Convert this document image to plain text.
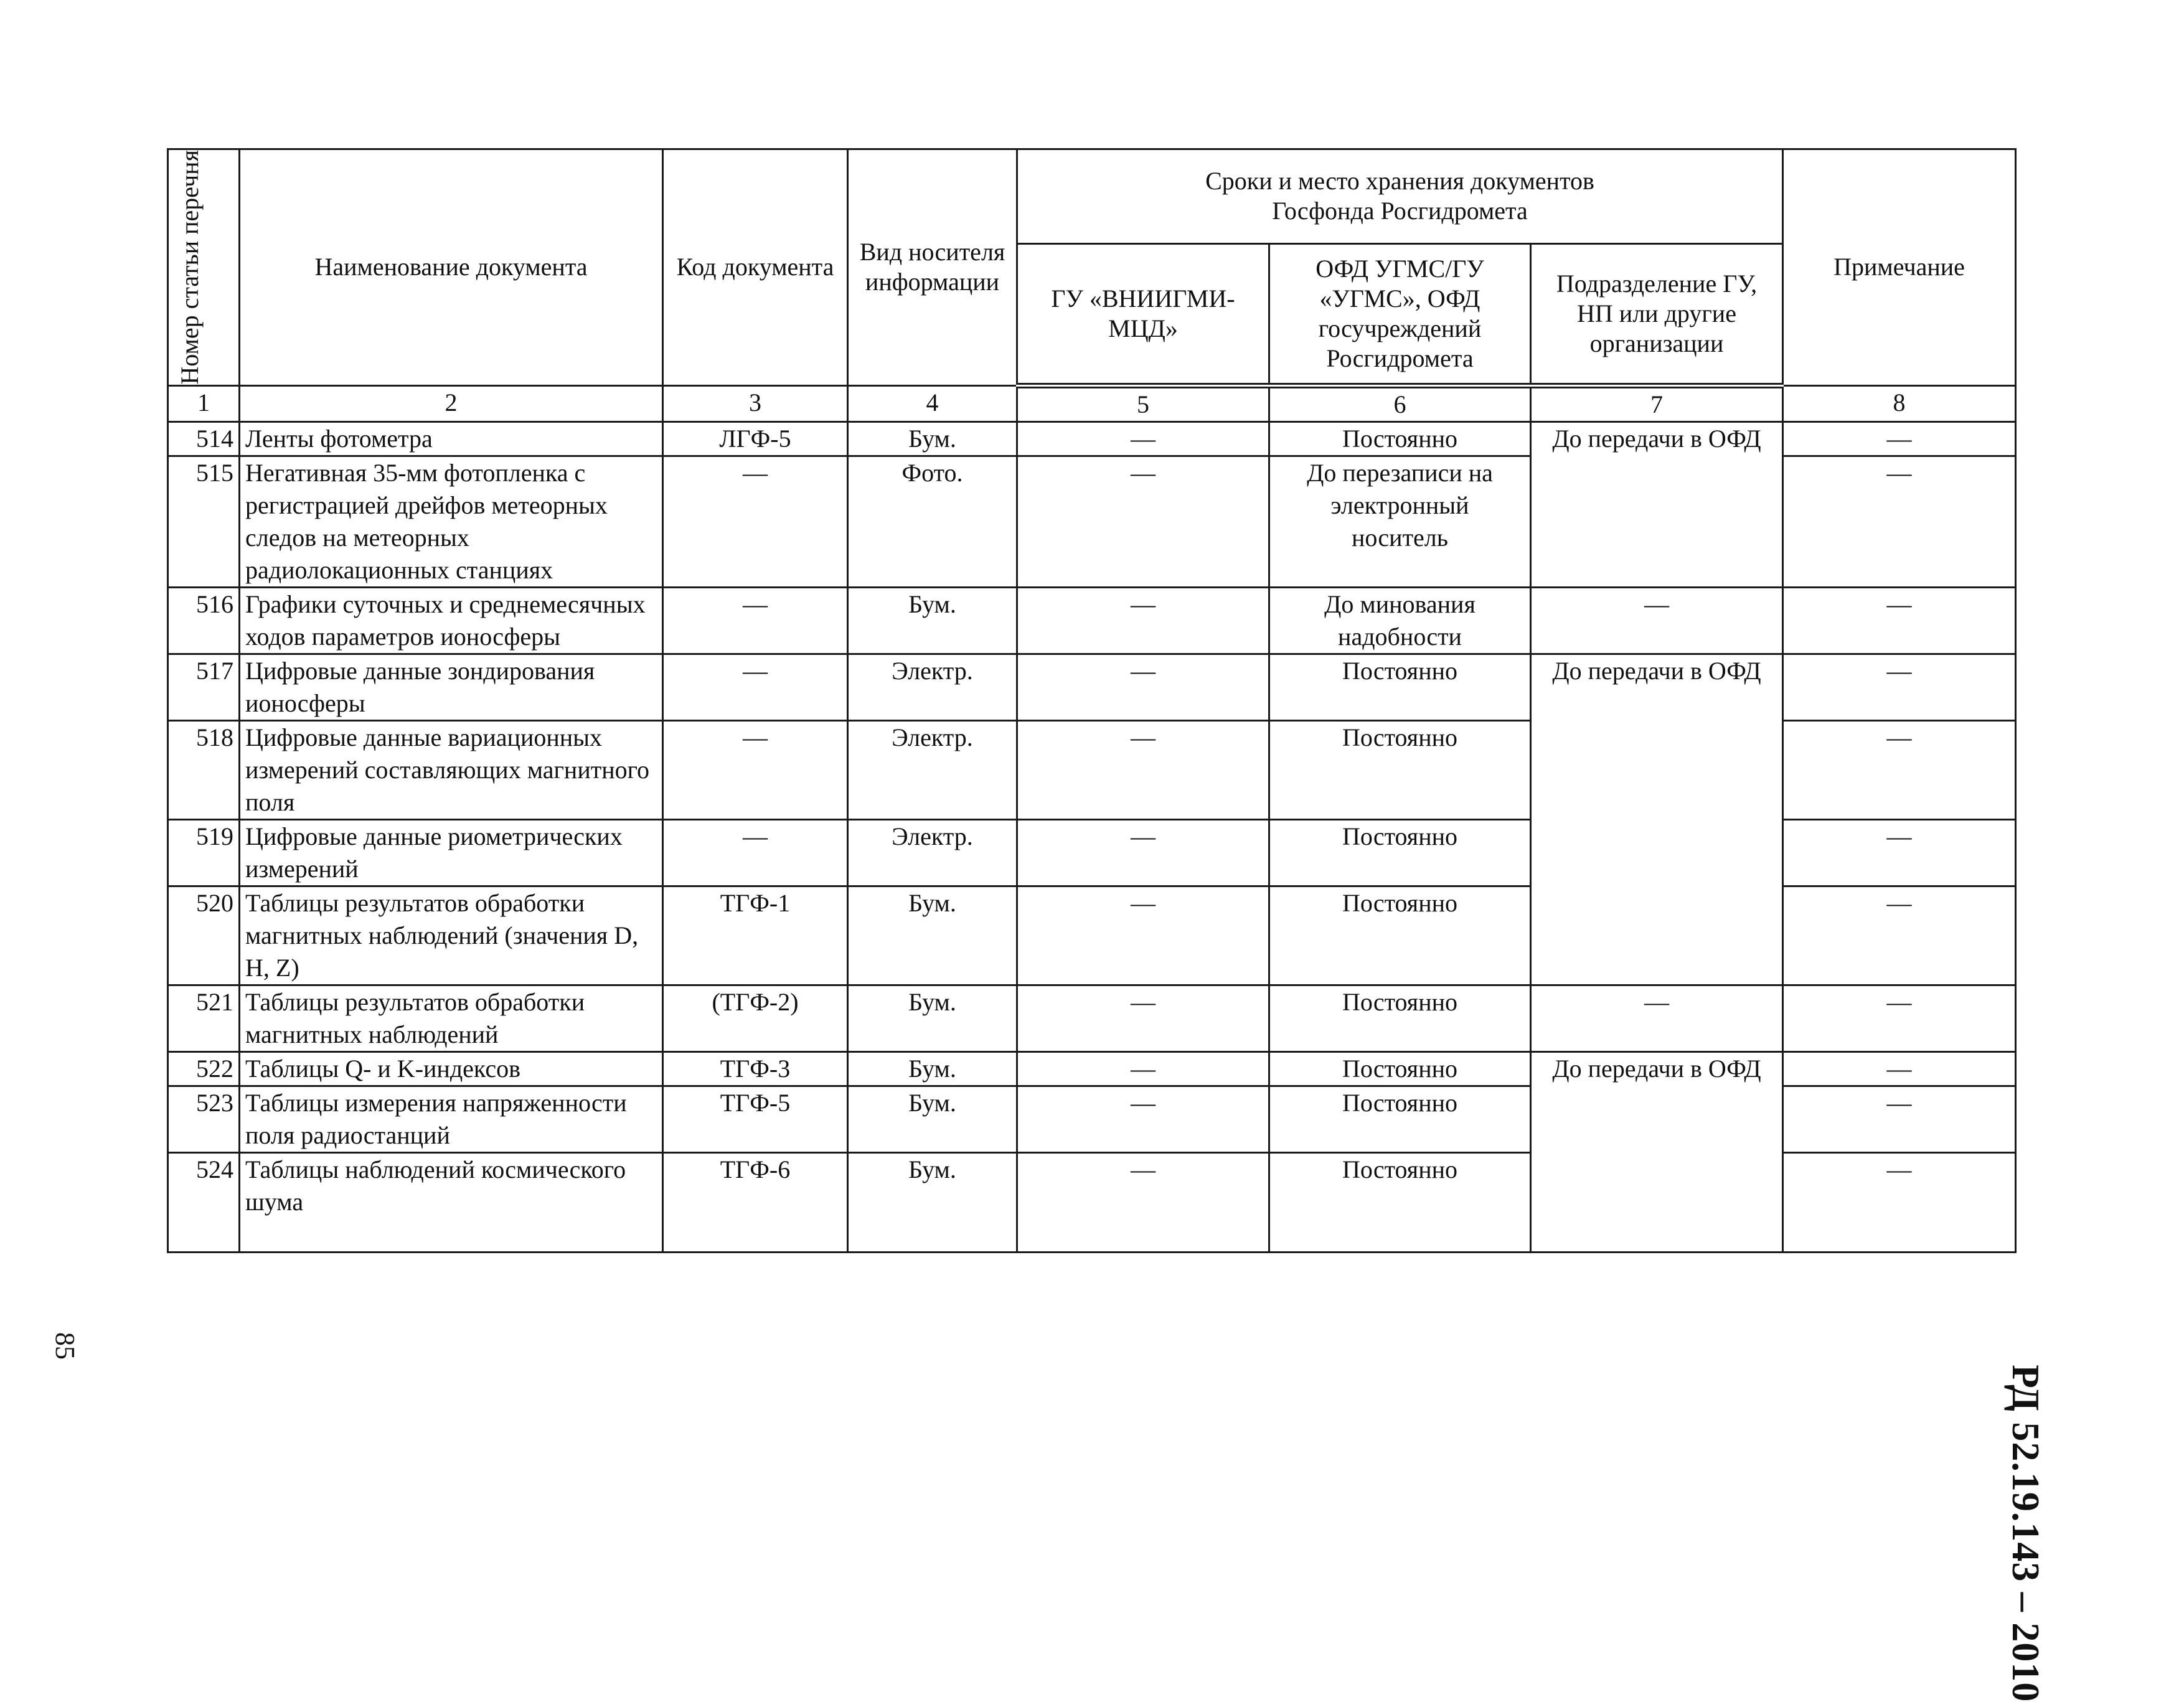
Номер статьи перечня	Наименование документа	Код документа	Вид носителя информации	Сроки и место хранения документов Госфонда Росгидромета			Примечание
				ГУ «ВНИИГМИ-МЦД»	ОФД УГМС/ГУ «УГМС», ОФД госучреждений Росгидромета	Подразделение ГУ, НП или другие организации	
1	2	3	4	5	6	7	8
514	Ленты фотометра	ЛГФ-5	Бум.	—	Постоянно	До передачи в ОФД	—
515	Негативная 35-мм фотопленка с регистрацией дрейфов метеорных следов на метеорных радиолокационных станциях	—	Фото.	—	До перезаписи на электронный носитель		—
516	Графики суточных и среднемесячных ходов параметров ионосферы	—	Бум.	—	До минования надобности	—	—
517	Цифровые данные зондирования ионосферы	—	Электр.	—	Постоянно	До передачи в ОФД	—
518	Цифровые данные вариационных измерений составляющих магнитного поля	—	Электр.	—	Постоянно		—
519	Цифровые данные риометрических измерений	—	Электр.	—	Постоянно		—
520	Таблицы результатов обработки магнитных наблюдений (значения D, H, Z)	ТГФ-1	Бум.	—	Постоянно		—
521	Таблицы результатов обработки магнитных наблюдений	(ТГФ-2)	Бум.	—	Постоянно	—	—
522	Таблицы Q- и K-индексов	ТГФ-3	Бум.	—	Постоянно	До передачи в ОФД	—
523	Таблицы измерения напряженности поля радиостанций	ТГФ-5	Бум.	—	Постоянно		—
524	Таблицы наблюдений космического шума	ТГФ-6	Бум.	—	Постоянно		—
РД 52.19.143 – 2010
85
